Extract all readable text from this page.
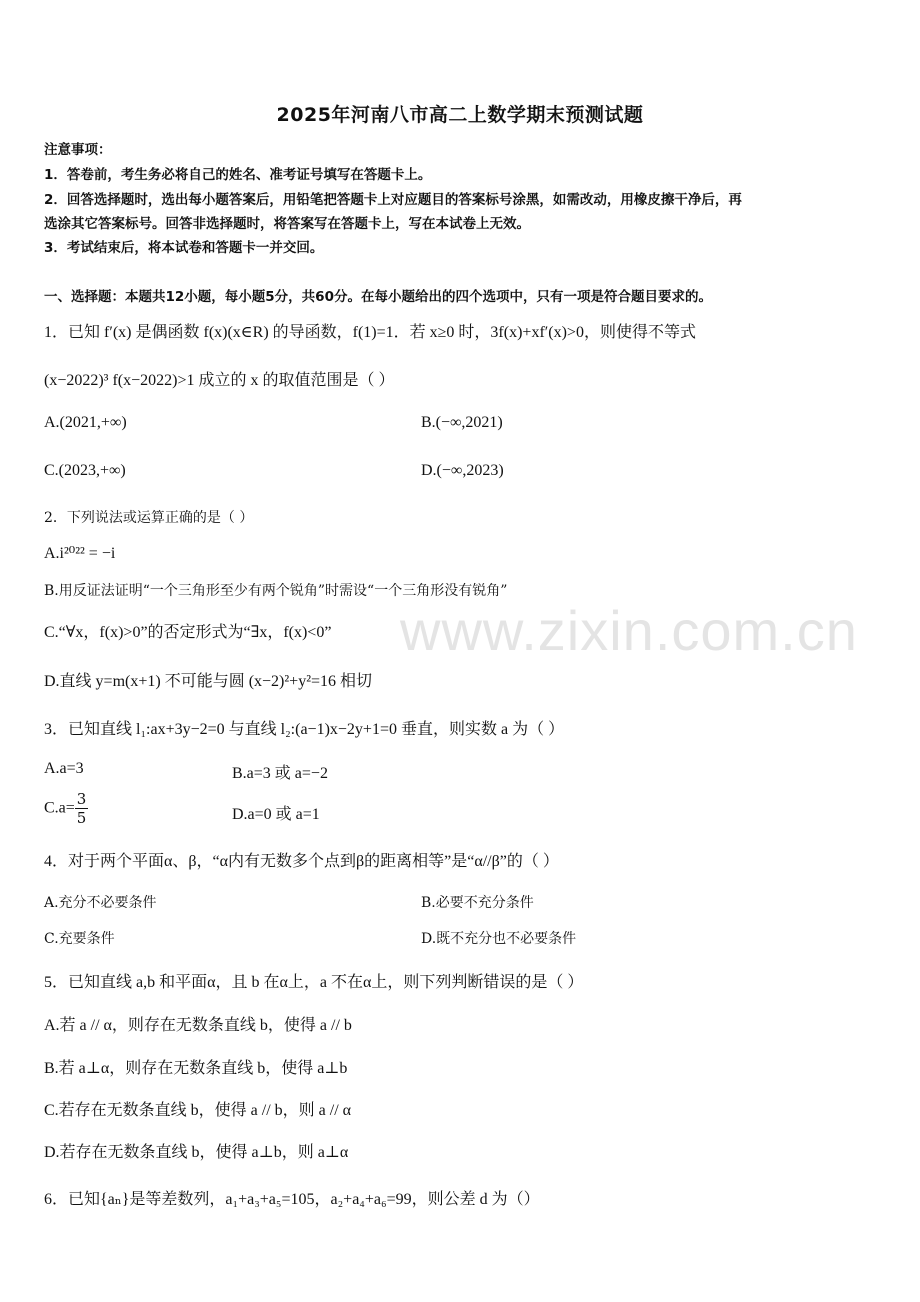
www.zixin.com.cn
2025年河南八市高二上数学期末预测试题
注意事项：
1．答卷前，考生务必将自己的姓名、准考证号填写在答题卡上。
2．回答选择题时，选出每小题答案后，用铅笔把答题卡上对应题目的答案标号涂黑，如需改动，用橡皮擦干净后，再
选涂其它答案标号。回答非选择题时，将答案写在答题卡上，写在本试卷上无效。
3．考试结束后，将本试卷和答题卡一并交回。
一、选择题：本题共12小题，每小题5分，共60分。在每小题给出的四个选项中，只有一项是符合题目要求的。
1．已知 f′(x) 是偶函数 f(x)(x∈R) 的导函数，f(1)=1．若 x≥0 时，3f(x)+xf′(x)>0，则使得不等式
(x−2022)³ f(x−2022)>1 成立的 x 的取值范围是（ ）
A.(2021,+∞)	B.(−∞,2021)
C.(2023,+∞)	D.(−∞,2023)
2．下列说法或运算正确的是（ ）
A.i²⁰²² = −i
B.用反证法证明“一个三角形至少有两个锐角”时需设“一个三角形没有锐角”
C.“∀x，f(x)>0”的否定形式为“∃x，f(x)<0”
D.直线 y=m(x+1) 不可能与圆 (x−2)²+y²=16 相切
3．已知直线 l₁:ax+3y−2=0 与直线 l₂:(a−1)x−2y+1=0 垂直，则实数 a 为（ ）
A.a=3	B.a=3 或 a=−2
$C.a= \frac{3}{5}$	D.a=0 或 a=1
4．对于两个平面α、β，“α内有无数多个点到β的距离相等”是“α//β”的（ ）
A.充分不必要条件	B.必要不充分条件
C.充要条件	D.既不充分也不必要条件
5．已知直线 a,b 和平面α，且 b 在α上，a 不在α上，则下列判断错误的是（ ）
A.若 a // α，则存在无数条直线 b，使得 a // b
B.若 a⊥α，则存在无数条直线 b，使得 a⊥b
C.若存在无数条直线 b，使得 a // b，则 a // α
D.若存在无数条直线 b，使得 a⊥b，则 a⊥α
6．已知{aₙ}是等差数列，a₁+a₃+a₅=105，a₂+a₄+a₆=99，则公差 d 为（）
